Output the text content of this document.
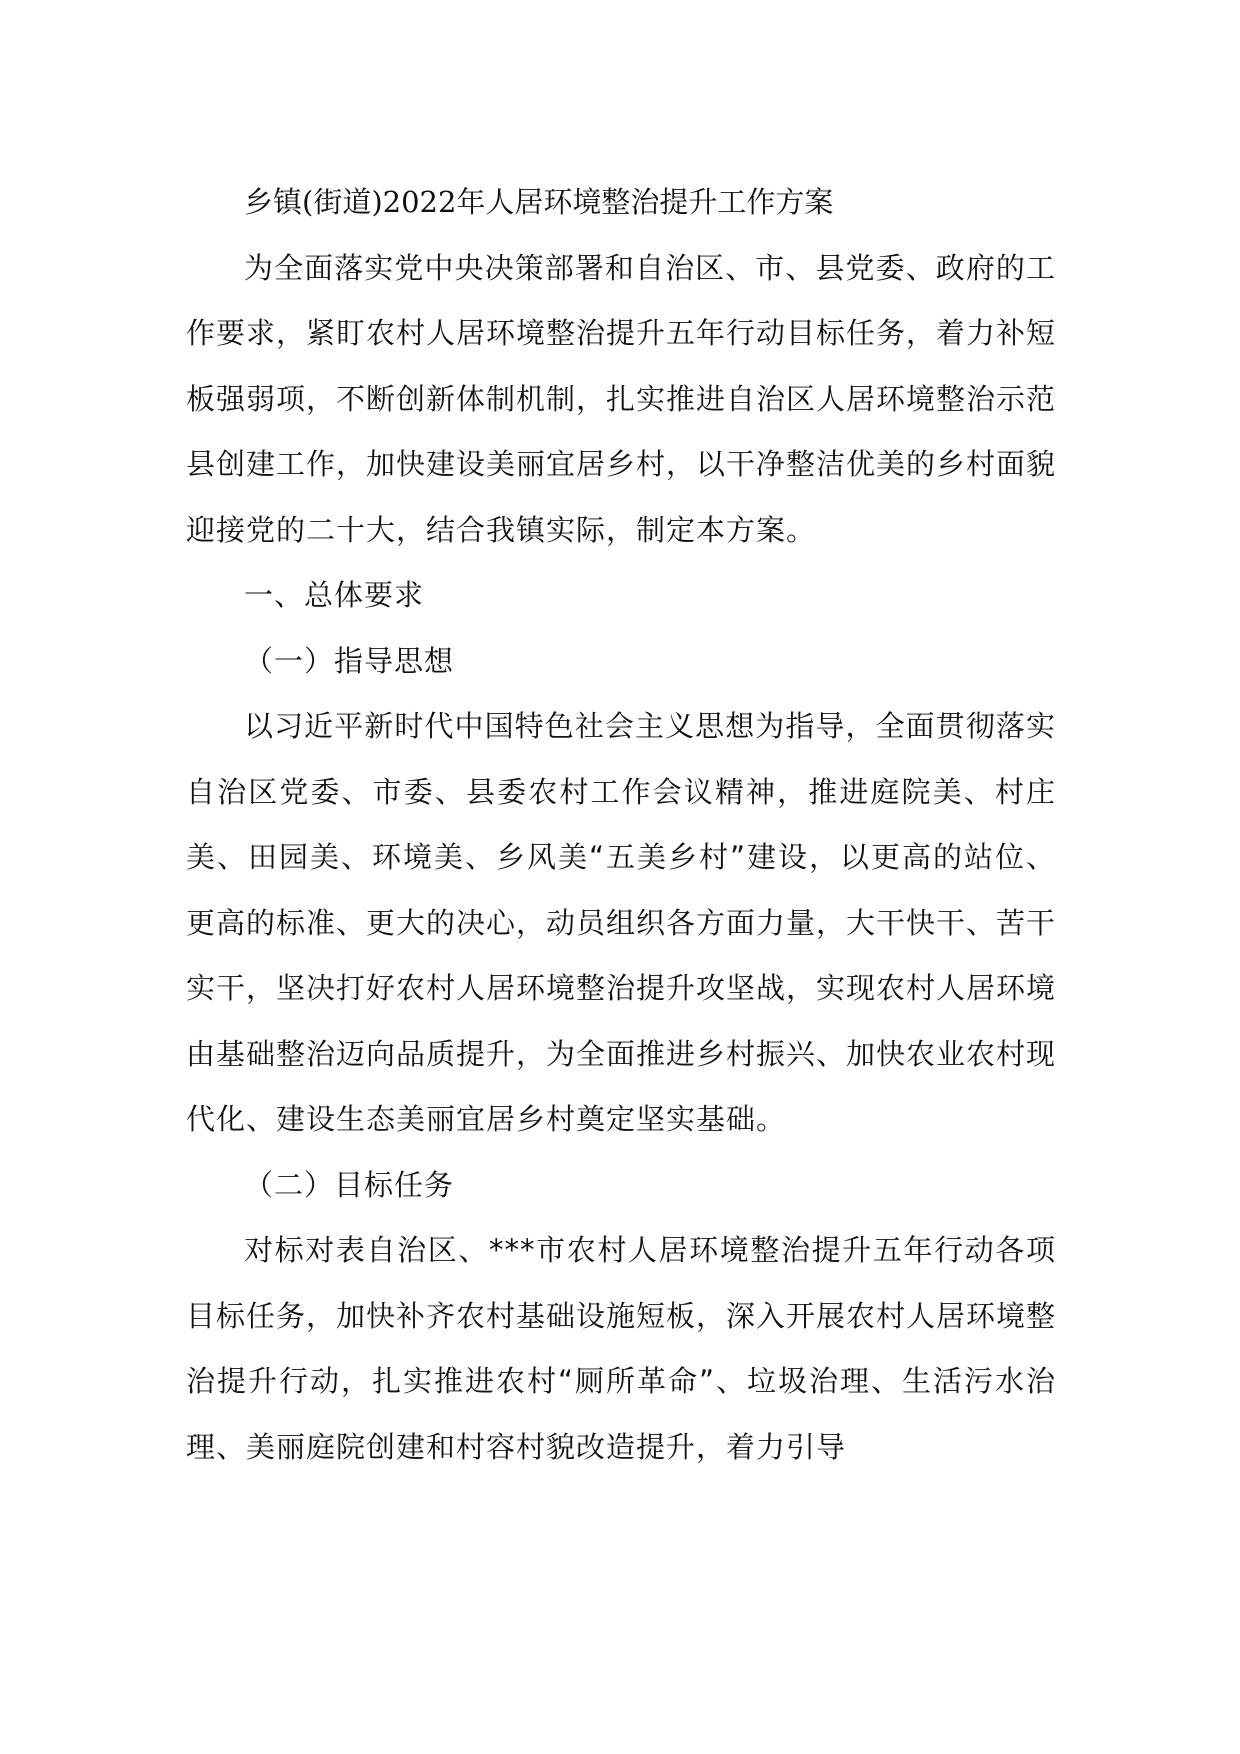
乡镇(街道)2022年人居环境整治提升工作方案

为全面落实党中央决策部署和自治区、市、县党委、政府的工作要求，紧盯农村人居环境整治提升五年行动目标任务，着力补短板强弱项，不断创新体制机制，扎实推进自治区人居环境整治示范县创建工作，加快建设美丽宜居乡村，以干净整洁优美的乡村面貌迎接党的二十大，结合我镇实际，制定本方案。

一、总体要求

（一）指导思想

以习近平新时代中国特色社会主义思想为指导，全面贯彻落实自治区党委、市委、县委农村工作会议精神，推进庭院美、村庄美、田园美、环境美、乡风美“五美乡村”建设，以更高的站位、更高的标准、更大的决心，动员组织各方面力量，大干快干、苦干实干，坚决打好农村人居环境整治提升攻坚战，实现农村人居环境由基础整治迈向品质提升，为全面推进乡村振兴、加快农业农村现代化、建设生态美丽宜居乡村奠定坚实基础。

（二）目标任务

对标对表自治区、***市农村人居环境整治提升五年行动各项目标任务，加快补齐农村基础设施短板，深入开展农村人居环境整治提升行动，扎实推进农村“厕所革命”、垃圾治理、生活污水治理、美丽庭院创建和村容村貌改造提升，着力引导
